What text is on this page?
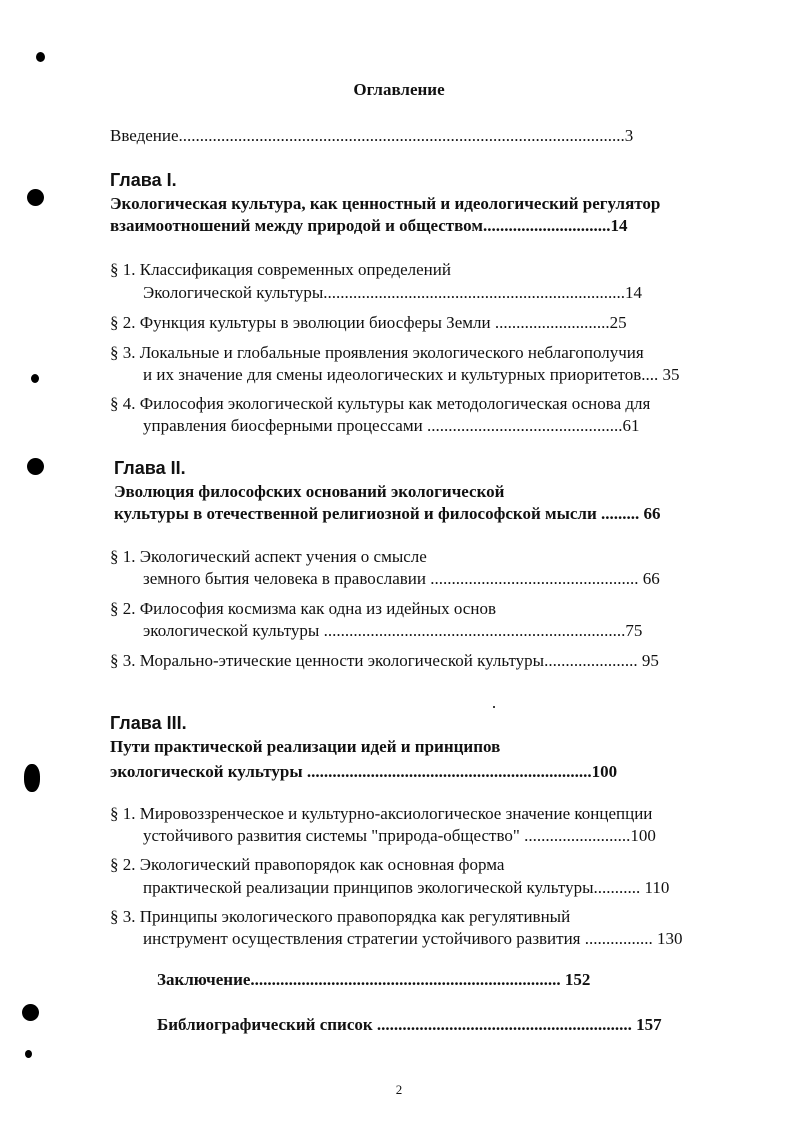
Оглавление
Введение.........................................................................................................3
Глава I.
Экологическая культура, как ценностный и идеологический регулятор
взаимоотношений между природой и обществом..............................14
§ 1. Классификация современных определений
Экологической культуры.......................................................................14
§ 2. Функция культуры в эволюции биосферы Земли ...........................25
§ 3. Локальные и глобальные проявления экологического неблагополучия
и их значение для смены идеологических и культурных приоритетов.... 35
§ 4. Философия экологической культуры как методологическая основа для
управления биосферными процессами ..............................................61
Глава II.
Эволюция философских оснований экологической
культуры в отечественной религиозной и философской мысли ......... 66
§ 1. Экологический аспект учения о смысле
земного бытия человека в православии ................................................. 66
§ 2. Философия космизма как одна из идейных основ
экологической культуры .......................................................................75
§ 3. Морально-этические ценности экологической культуры...................... 95
Глава III.
Пути практической реализации идей и принципов
экологической культуры ...................................................................100
§ 1. Мировоззренческое и культурно-аксиологическое значение концепции
устойчивого развития системы "природа-общество" .........................100
§ 2. Экологический правопорядок как основная форма
практической реализации принципов экологической культуры........... 110
§ 3. Принципы экологического правопорядка как регулятивный
инструмент осуществления стратегии устойчивого развития ................ 130
Заключение......................................................................... 152
Библиографический список ............................................................ 157
2
